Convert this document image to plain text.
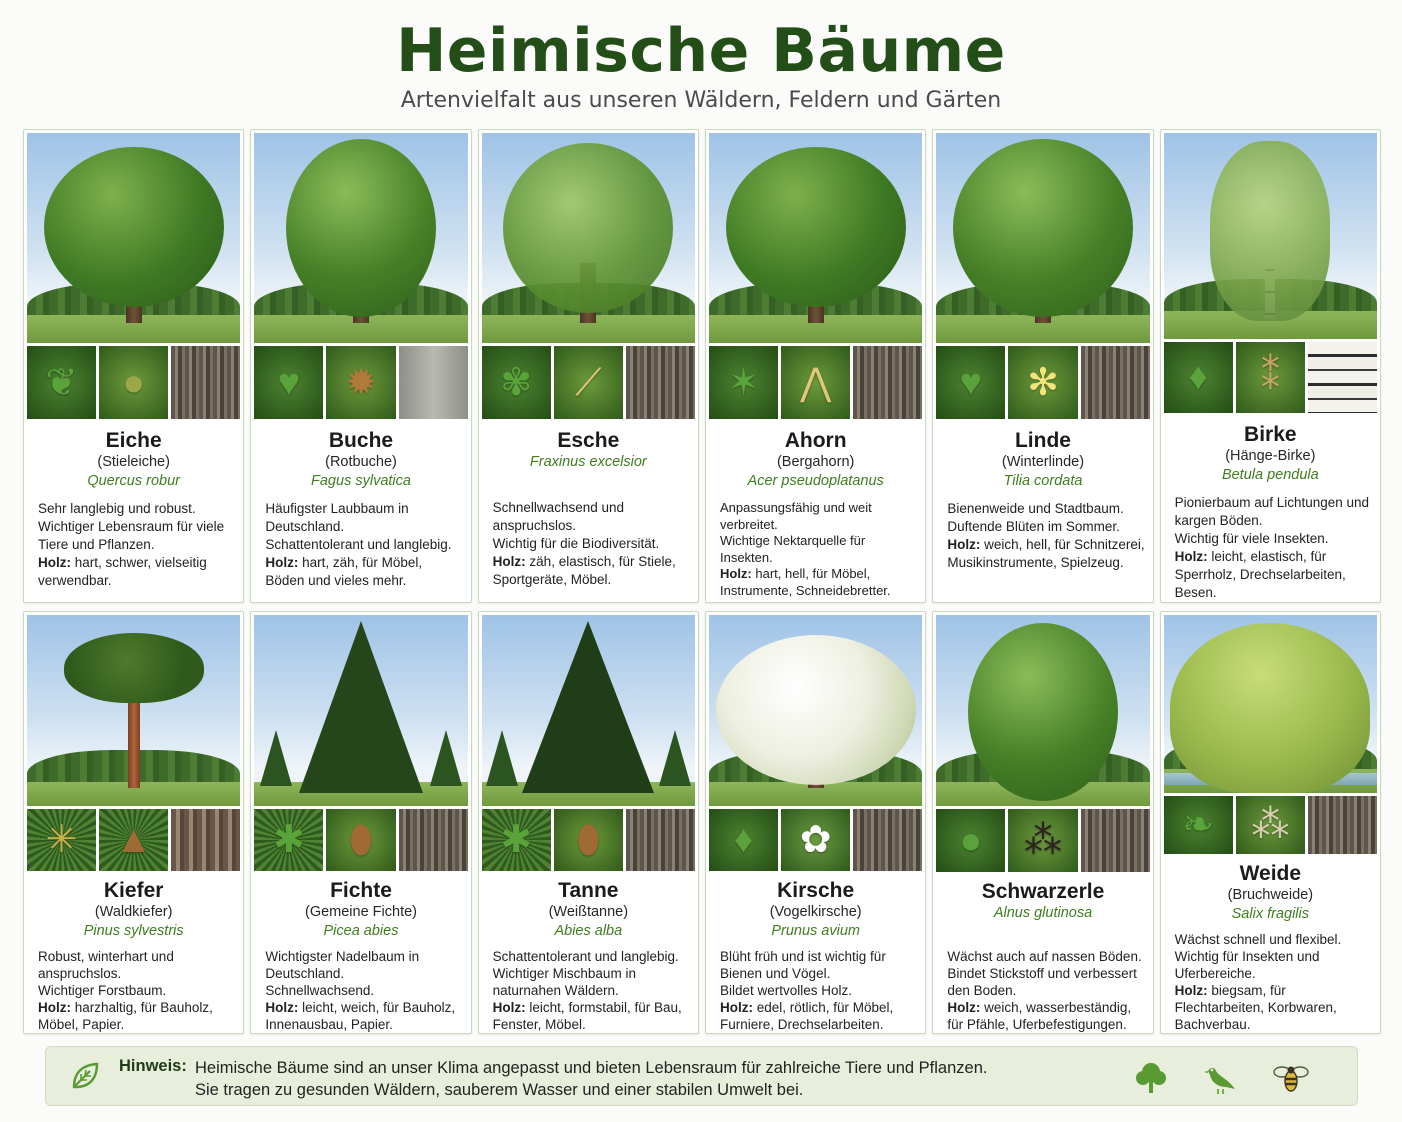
Heimische Bäume
Artenvielfalt aus unseren Wäldern, Feldern und Gärten
❦ ●
Eiche
(Stieleiche)
Quercus robur

Sehr langlebig und robust.

Wichtiger Lebensraum für viele Tiere und Pflanzen.

Holz: hart, schwer, vielseitig verwendbar.

♥ ✹
Buche
(Rotbuche)
Fagus sylvatica

Häufigster Laubbaum in Deutschland.

Schattentolerant und langlebig.

Holz: hart, zäh, für Möbel, Böden und vieles mehr.

✾ ⟋
Esche
Fraxinus excelsior

Schnellwachsend und anspruchslos.

Wichtig für die Biodiversität.

Holz: zäh, elastisch, für Stiele, Sportgeräte, Möbel.

✶ ⋀
Ahorn
(Bergahorn)
Acer pseudoplatanus

Anpassungsfähig und weit verbreitet.

Wichtige Nektarquelle für Insekten.

Holz: hart, hell, für Möbel, Instrumente, Schneidebretter.

♥ ✻
Linde
(Winterlinde)
Tilia cordata

Bienenweide und Stadtbaum.

Duftende Blüten im Sommer.

Holz: weich, hell, für Schnitzerei, Musikinstrumente, Spielzeug.

♦ ⁑
Birke
(Hänge-Birke)
Betula pendula

Pionierbaum auf Lichtungen und kargen Böden.

Wichtig für viele Insekten.

Holz: leicht, elastisch, für Sperrholz, Drechselarbeiten, Besen.

✳ ▲
Kiefer
(Waldkiefer)
Pinus sylvestris

Robust, winterhart und anspruchslos.

Wichtiger Forstbaum.

Holz: harzhaltig, für Bauholz, Möbel, Papier.

✱ ⬮
Fichte
(Gemeine Fichte)
Picea abies

Wichtigster Nadelbaum in Deutschland.

Schnellwachsend.

Holz: leicht, weich, für Bauholz, Innenausbau, Papier.

✱ ⬮
Tanne
(Weißtanne)
Abies alba

Schattentolerant und langlebig.

Wichtiger Mischbaum in naturnahen Wäldern.

Holz: leicht, formstabil, für Bau, Fenster, Möbel.

♦ ✿
Kirsche
(Vogelkirsche)
Prunus avium

Blüht früh und ist wichtig für Bienen und Vögel.

Bildet wertvolles Holz.

Holz: edel, rötlich, für Möbel, Furniere, Drechselarbeiten.

● ⁂
Schwarzerle
Alnus glutinosa

Wächst auch auf nassen Böden.

Bindet Stickstoff und verbessert den Boden.

Holz: weich, wasserbeständig, für Pfähle, Uferbefestigungen.

❧ ⁂
Weide
(Bruchweide)
Salix fragilis

Wächst schnell und flexibel.

Wichtig für Insekten und Uferbereiche.

Holz: biegsam, für Flechtarbeiten, Korbwaren, Bachverbau.

Hinweis: Heimische Bäume sind an unser Klima angepasst und bieten Lebensraum für zahlreiche Tiere und Pflanzen.
Sie tragen zu gesunden Wäldern, sauberem Wasser und einer stabilen Umwelt bei.
